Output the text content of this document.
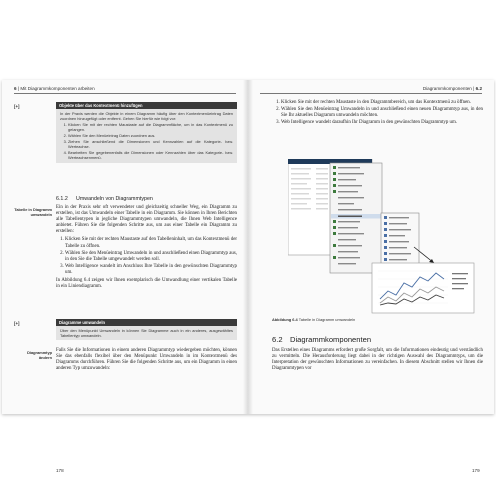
6 | Mit Diagrammkomponenten arbeiten
[+]	Objekte über das Kontextmenü hinzufügen
In der Praxis werden die Objekte in einem Diagramm häufig über den Kontextmenüeintrag Daten zuordnen hinzugefügt oder entfernt. Gehen Sie hierfür wie folgt vor:
1. Klicken Sie mit der rechten Maustaste auf die Diagrammfläche, um in das Kontextmenü zu gelangen.
2. Wählen Sie den Menüeintrag Daten zuordnen aus.
3. Ziehen Sie anschließend die Dimensionen und Kennzahlen auf die Kategorie- bzw. Werteachse.
4. Bearbeiten Sie gegebenenfalls die Dimensionen oder Kennzahlen über das Kategorie- bzw. Werteachsenmenü.
6.1.2 Umwandeln von Diagrammtypen
Tabelle in Diagramm umwandeln

Ein in der Praxis sehr oft verwendeter und gleichzeitig schneller Weg, ein Diagramm zu erstellen, ist das Umwandeln einer Tabelle in ein Diagramm. Sie können in Ihren Berichten alle Tabellentypen in jegliche Diagrammtypen umwandeln, die Ihnen Web Intelligence anbietet. Führen Sie die folgenden Schritte aus, um aus einer Tabelle ein Diagramm zu erstellen:

1. Klicken Sie mit der rechten Maustaste auf den Tabelleninhalt, um das Kontextmenü der Tabelle zu öffnen.
2. Wählen Sie den Menüeintrag Umwandeln in und anschließend einen Diagrammtyp aus, in den Sie die Tabelle umgewandelt werden soll.
3. Web Intelligence wandelt im Anschluss Ihre Tabelle in den gewünschten Diagrammtyp um.

In Abbildung 6.4 zeigen wir Ihnen exemplarisch die Umwandlung einer vertikalen Tabelle in ein Liniendiagramm.

[+]	Diagramme umwandeln
Über den Menüpunkt Umwandeln in können Sie Diagramme auch in ein anderes, ausgewähltes Tabellentyp umwandeln.
Diagrammtyp ändern

Falls Sie die Informationen in einem anderen Diagrammtyp wiedergeben möchten, können Sie das ebenfalls flexibel über den Menüpunkt Umwandeln in im Kontextmenü des Diagramms durchführen. Führen Sie die folgenden Schritte aus, um ein Diagramm in einen anderen Typ umzuwandeln:

178
Diagrammkomponenten | 6.2
1. Klicken Sie mit der rechten Maustaste in den Diagrammbereich, um das Kontextmenü zu öffnen.
2. Wählen Sie den Menüeintrag Umwandeln in und anschließend einen neuen Diagrammtyp aus, in den Sie Ihr aktuelles Diagramm umwandeln möchten.
3. Web Intelligence wandelt daraufhin Ihr Diagramm in den gewünschten Diagrammtyp um.
Abbildung 6.4 Tabelle in Diagramm umwandeln
6.2 Diagrammkomponenten

Das Erstellen eines Diagramms erfordert große Sorgfalt, um die Informationen eindeutig und verständlich zu vermitteln. Die Herausforderung liegt dabei in der richtigen Auswahl des Diagrammtyps, um die Interpretation der gewünschten Informationen zu vereinfachen. In diesem Abschnitt stellen wir Ihnen die Diagrammtypen vor

179
